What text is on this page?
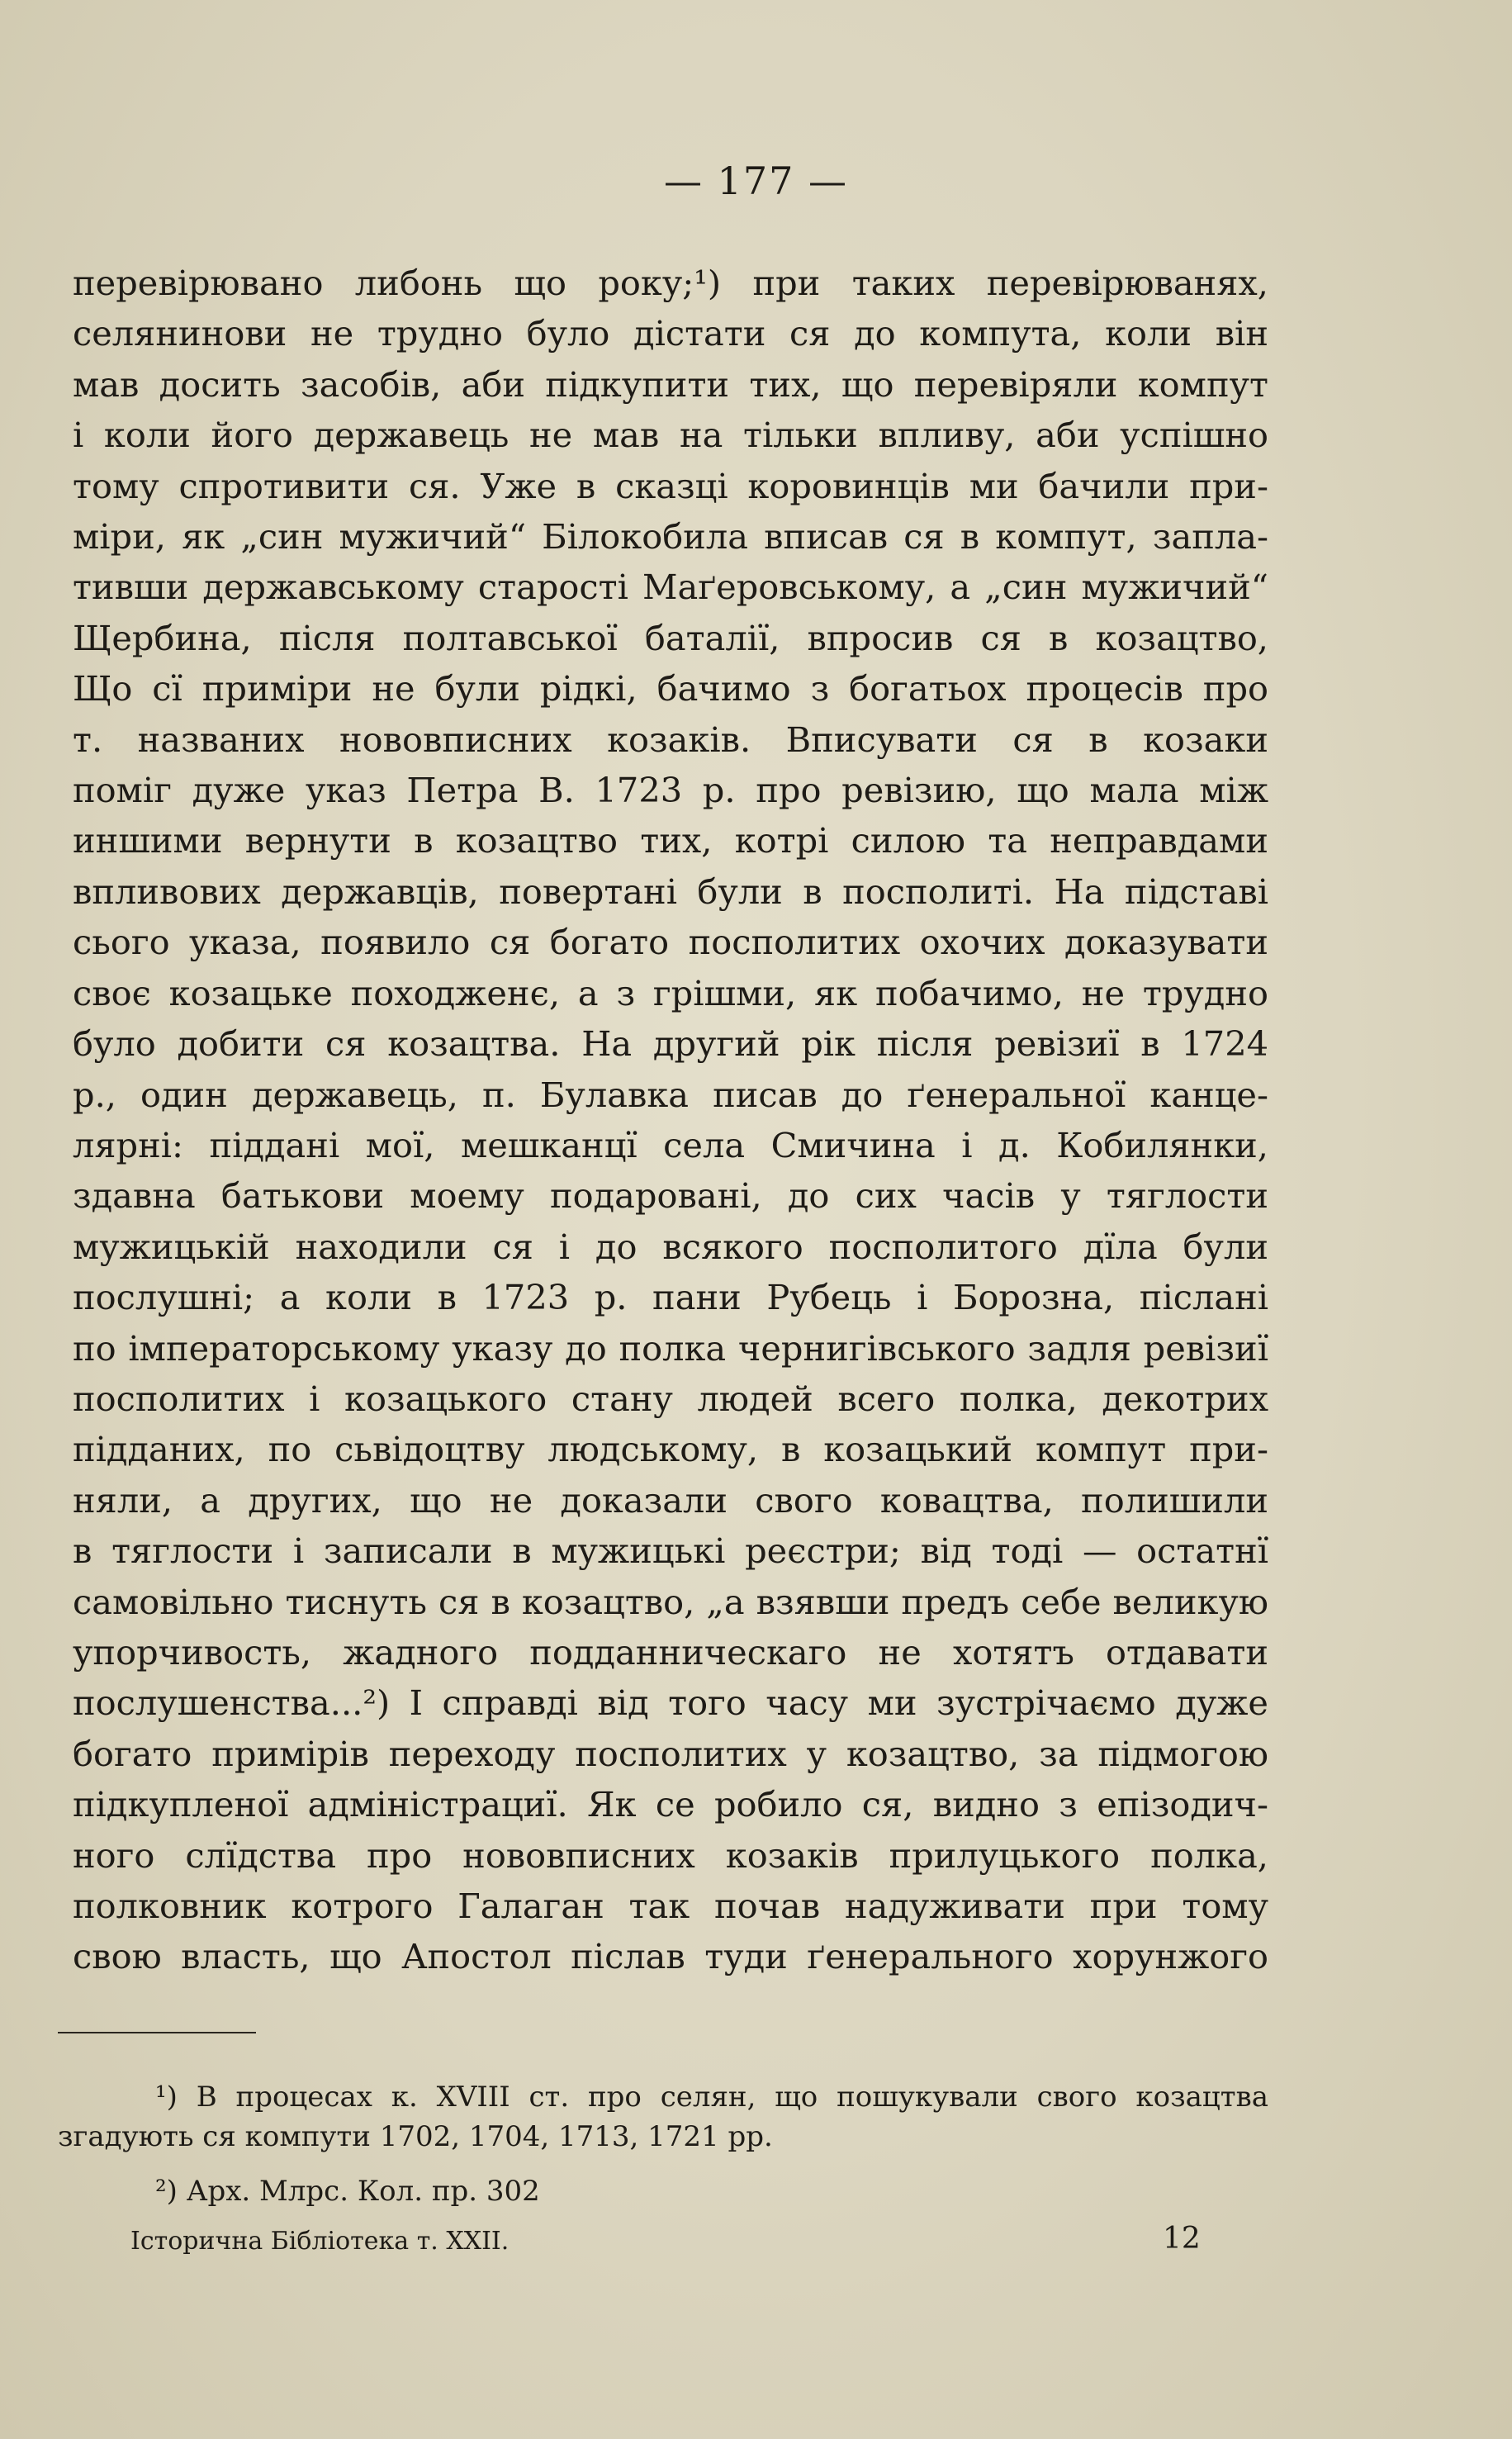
— 177 —
перевірювано либонь що року;¹) при таких перевірюванях,
селянинови не трудно було дістати ся до компута, коли він
мав досить засобів, аби підкупити тих, що перевіряли компут
і коли його державець не мав на тільки впливу, аби успішно
тому спротивити ся. Уже в сказці коровинців ми бачили при-
міри, як „син мужичий“ Білокобила вписав ся в компут, запла-
тивши державському старості Маґеровському, а „син мужичий“
Щербина, після полтавської баталії, впросив ся в козацтво,
Що сї приміри не були рідкі, бачимо з богатьох процесів про
т. названих нововписних козаків. Вписувати ся в козаки
поміг дуже указ Петра В. 1723 р. про ревізию, що мала між
иншими вернути в козацтво тих, котрі силою та неправдами
впливових державців, повертані були в посполиті. На підставі
сього указа, появило ся богато посполитих охочих доказувати
своє козацьке походженє, а з грішми, як побачимо, не трудно
було добити ся козацтва. На другий рік після ревізиї в 1724
р., один державець, п. Булавка писав до ґенеральної канце-
лярні: піддані мої, мешканцї села Смичина і д. Кобилянки,
здавна батькови моему подаровані, до сих часів у тяглости
мужицькій находили ся і до всякого посполитого дїла були
послушні; а коли в 1723 р. пани Рубець і Борозна, післані
по імператорському указу до полка чернигівського задля ревізиї
посполитих і козацького стану людей всего полка, декотрих
підданих, по сьвідоцтву людському, в козацький компут при-
няли, а других, що не доказали свого ковацтва, полишили
в тяглости і записали в мужицькі реєстри; від тоді — остатнї
самовільно тиснуть ся в козацтво, „а взявши предъ себе великую
упорчивость, жадного подданническаго не хотятъ отдавати
послушенства...²) І справді від того часу ми зустрічаємо дуже
богато примірів переходу посполитих у козацтво, за підмогою
підкупленої адміністрациї. Як се робило ся, видно з епізодич-
ного слїдства про нововписних козаків прилуцького полка,
полковник котрого Галаган так почав надуживати при тому
свою власть, що Апостол післав туди ґенерального хорунжого
¹) В процесах к. XVIII ст. про селян, що пошукували свого козацтва
згадують ся компути 1702, 1704, 1713, 1721 рр.
²) Арх. Млрс. Кол. пр. 302
Історична Бібліотека т. XXII.	12
